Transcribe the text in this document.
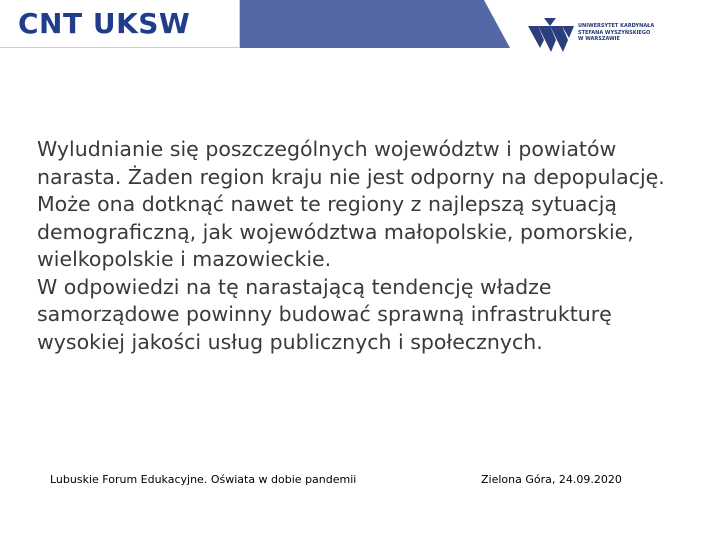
CNT UKSW	UNIWERSYTET KARDYNAŁA
STEFANA WYSZYŃSKIEGO
W WARSZAWIE

Wyludnianie się poszczególnych województw i powiatów narasta. Żaden region kraju nie jest odporny na depopulację. Może ona dotknąć nawet te regiony z najlepszą sytuacją demograficzną, jak województwa małopolskie, pomorskie, wielkopolskie i mazowieckie.

W odpowiedzi na tę narastającą tendencję władze samorządowe powinny budować sprawną infrastrukturę wysokiej jakości usług publicznych i społecznych.

Lubuskie Forum Edukacyjne. Oświata w dobie pandemii	Zielona Góra, 24.09.2020
